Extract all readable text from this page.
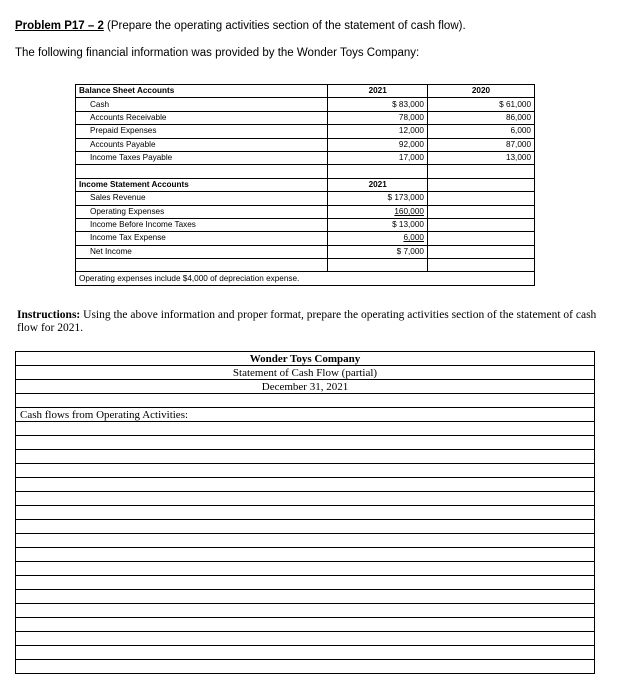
Problem P17 – 2 (Prepare the operating activities section of the statement of cash flow).
The following financial information was provided by the Wonder Toys Company:
Balance Sheet Accounts	2021	2020
Cash	$ 83,000	$ 61,000
Accounts Receivable	78,000	86,000
Prepaid Expenses	12,000	6,000
Accounts Payable	92,000	87,000
Income Taxes Payable	17,000	13,000

Income Statement Accounts	2021	
Sales Revenue	$ 173,000	
Operating Expenses	160,000	
Income Before Income Taxes	$ 13,000	
Income Tax Expense	6,000	
Net Income	$ 7,000	

Operating expenses include $4,000 of depreciation expense.		
Instructions: Using the above information and proper format, prepare the operating activities section of the statement of cash flow for 2021.
Wonder Toys Company
Statement of Cash Flow (partial)
December 31, 2021

Cash flows from Operating Activities:
